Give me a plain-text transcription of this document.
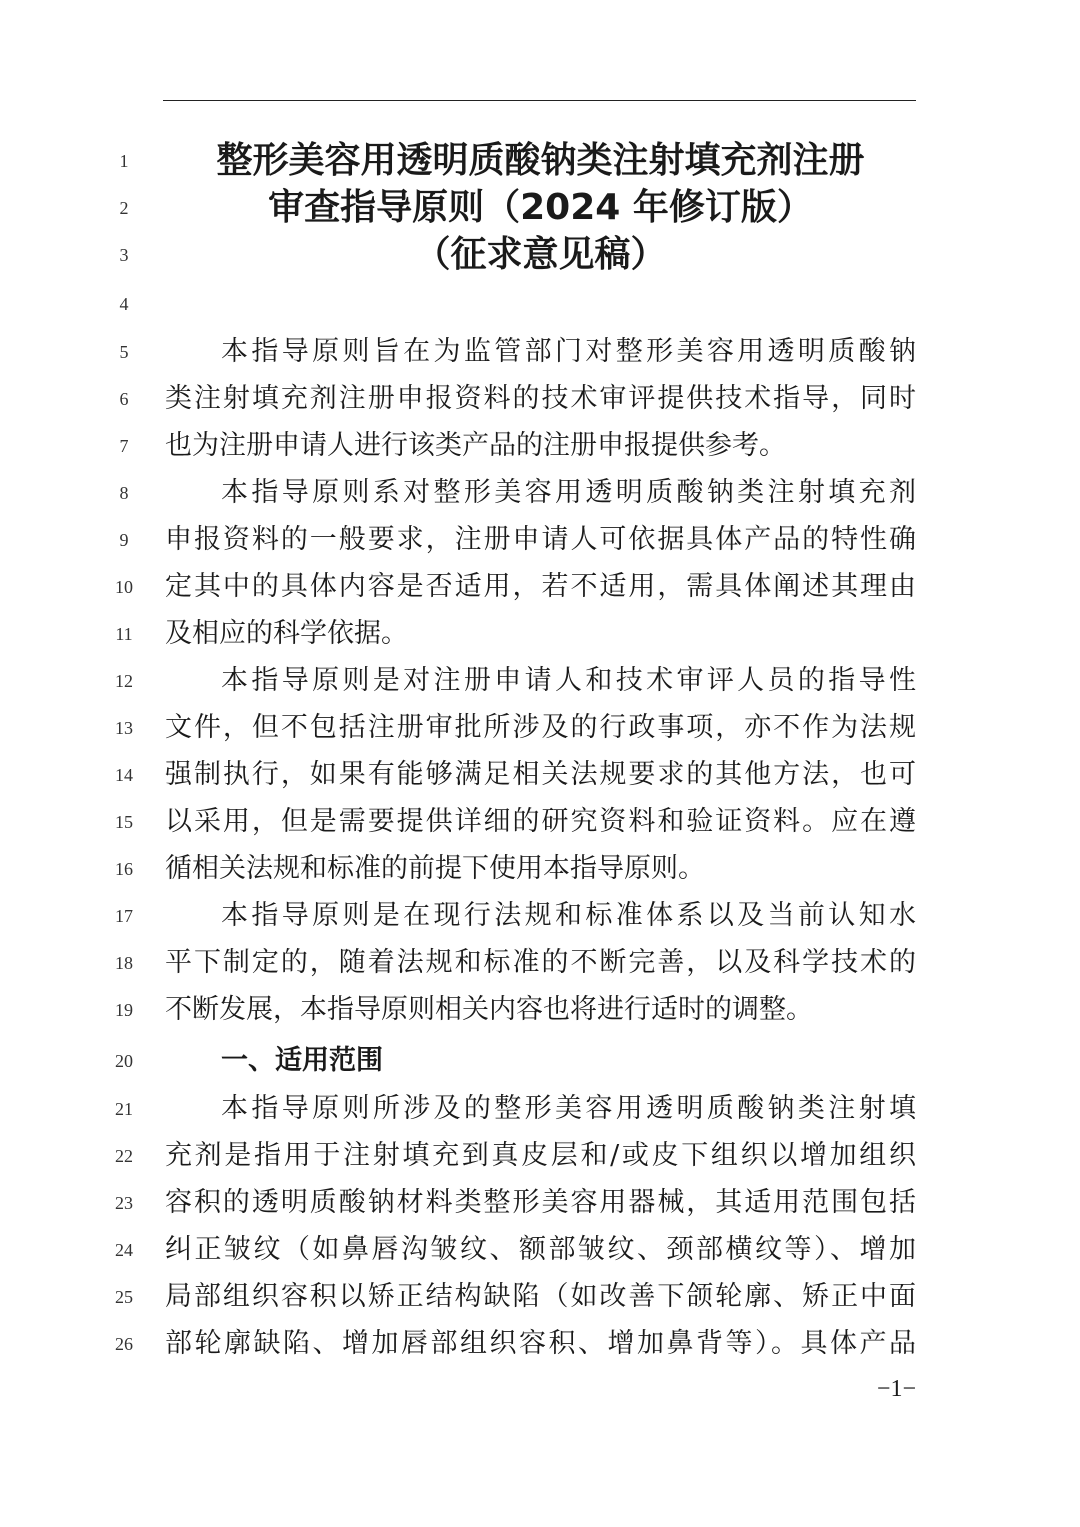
1	整形美容用透明质酸钠类注射填充剂注册
2	审查指导原则（2024 年修订版）
3	（征求意见稿）
4
5	本指导原则旨在为监管部门对整形美容用透明质酸钠
6	类注射填充剂注册申报资料的技术审评提供技术指导，同时
7	也为注册申请人进行该类产品的注册申报提供参考。
8	本指导原则系对整形美容用透明质酸钠类注射填充剂
9	申报资料的一般要求，注册申请人可依据具体产品的特性确
10	定其中的具体内容是否适用，若不适用，需具体阐述其理由
11	及相应的科学依据。
12	本指导原则是对注册申请人和技术审评人员的指导性
13	文件，但不包括注册审批所涉及的行政事项，亦不作为法规
14	强制执行，如果有能够满足相关法规要求的其他方法，也可
15	以采用，但是需要提供详细的研究资料和验证资料。应在遵
16	循相关法规和标准的前提下使用本指导原则。
17	本指导原则是在现行法规和标准体系以及当前认知水
18	平下制定的，随着法规和标准的不断完善，以及科学技术的
19	不断发展，本指导原则相关内容也将进行适时的调整。
20	一、适用范围
21	本指导原则所涉及的整形美容用透明质酸钠类注射填
22	充剂是指用于注射填充到真皮层和/或皮下组织以增加组织
23	容积的透明质酸钠材料类整形美容用器械，其适用范围包括
24	纠正皱纹（如鼻唇沟皱纹、额部皱纹、颈部横纹等）、增加
25	局部组织容积以矫正结构缺陷（如改善下颌轮廓、矫正中面
26	部轮廓缺陷、增加唇部组织容积、增加鼻背等）。具体产品
−1−
